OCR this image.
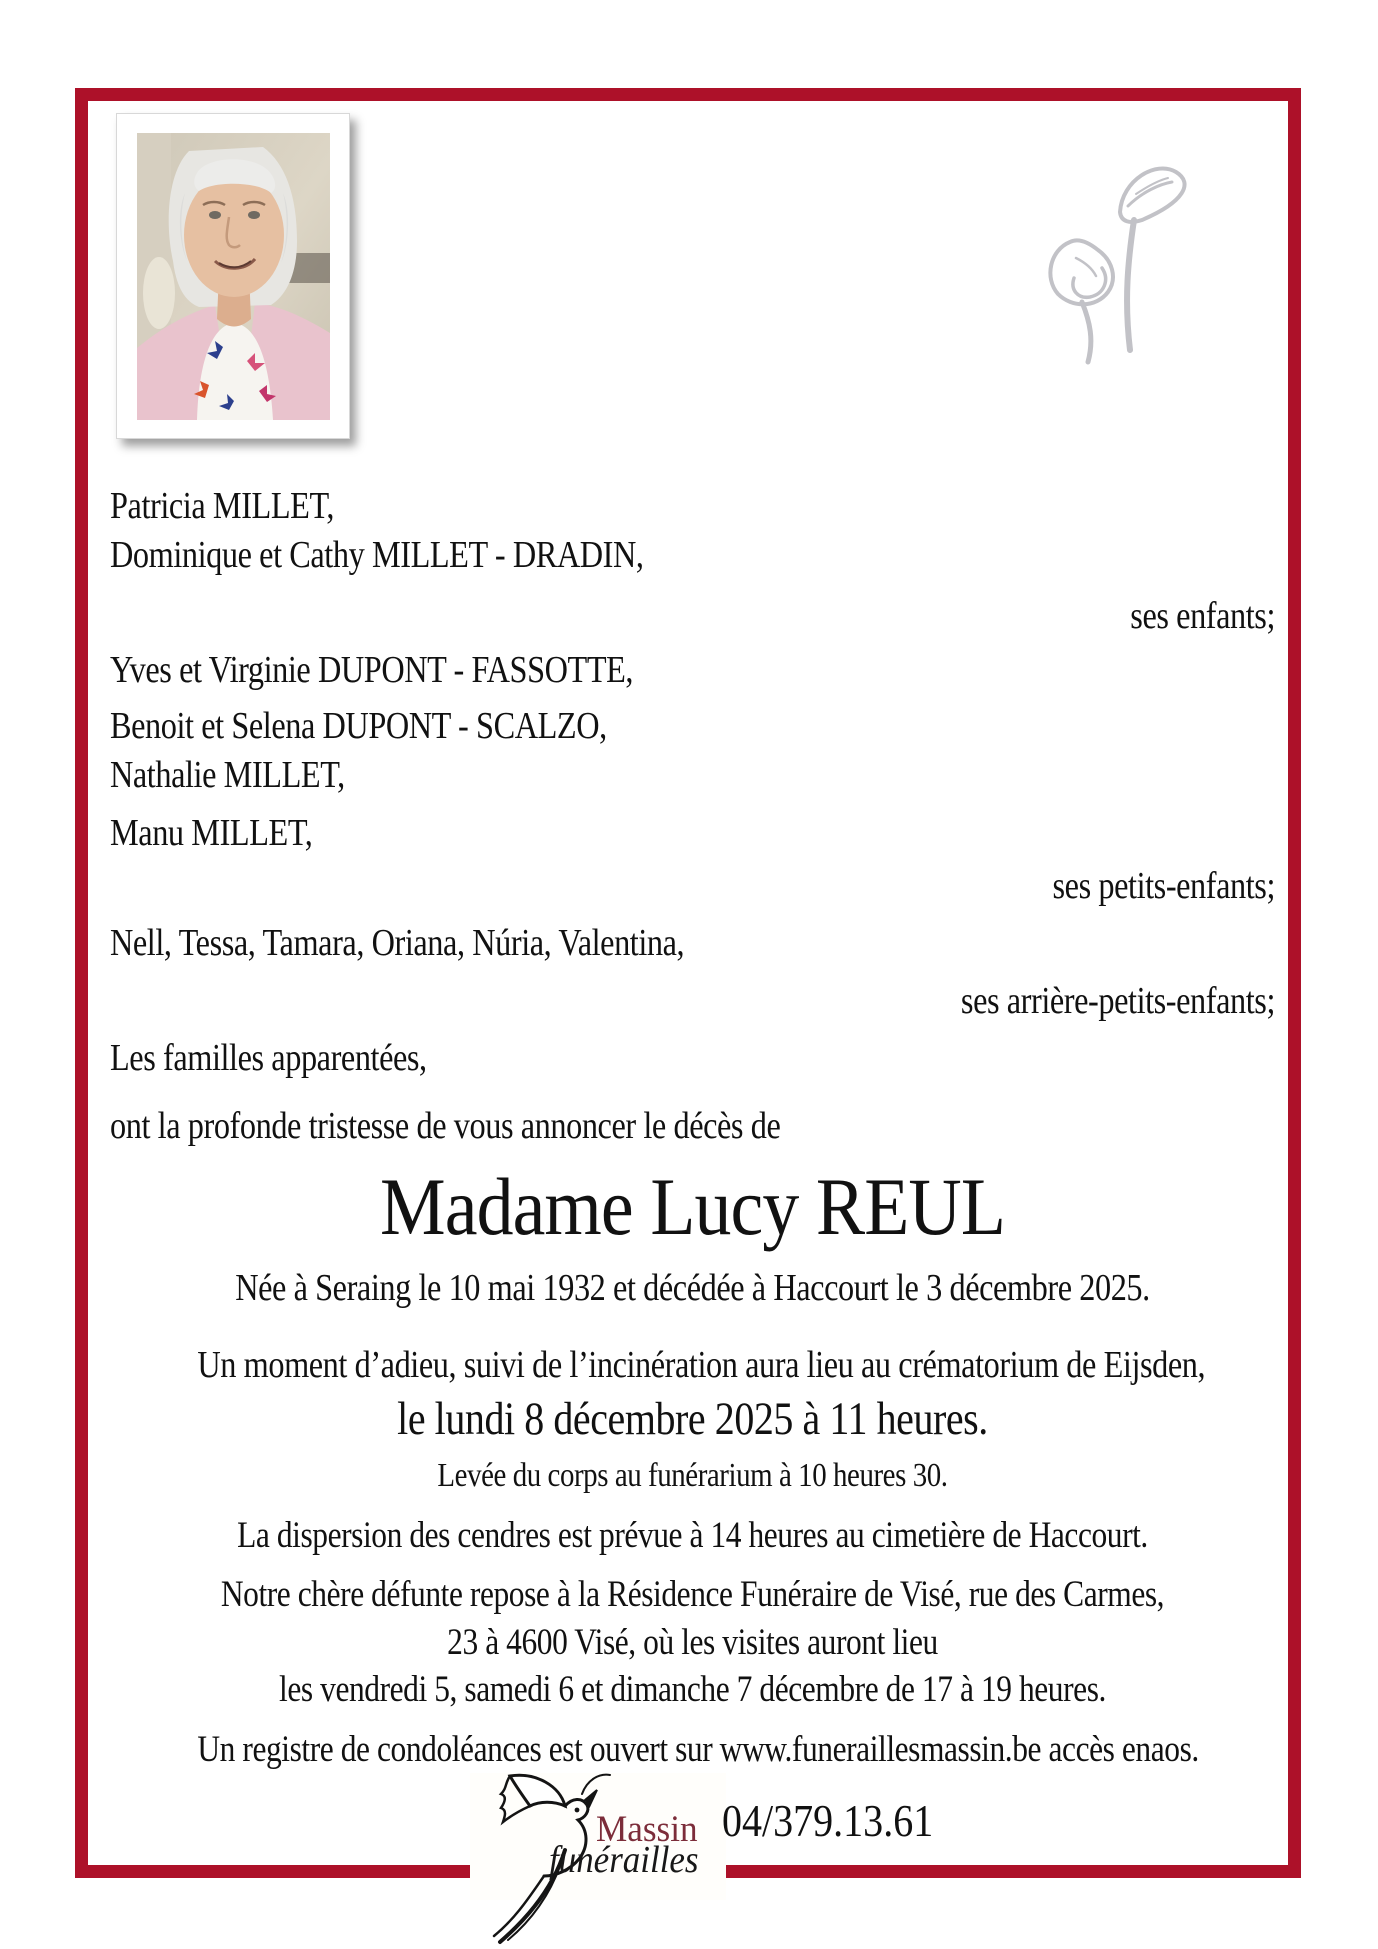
Patricia MILLET,
Dominique et Cathy MILLET - DRADIN,
ses enfants;
Yves et Virginie DUPONT - FASSOTTE,
Benoit et Selena DUPONT - SCALZO,
Nathalie MILLET,
Manu MILLET,
ses petits-enfants;
Nell, Tessa, Tamara, Oriana, Núria, Valentina,
ses arrière-petits-enfants;
Les familles apparentées,
ont la profonde tristesse de vous annoncer le décès de
Madame Lucy REUL
Née à Seraing le 10 mai 1932 et décédée à Haccourt le 3 décembre 2025.
Un moment d’adieu, suivi de l’incinération aura lieu au crématorium de Eijsden,
le lundi 8 décembre 2025 à 11 heures.
Levée du corps au funérarium à 10 heures 30.
La dispersion des cendres est prévue à 14 heures au cimetière de Haccourt.
Notre chère défunte repose à la Résidence Funéraire de Visé, rue des Carmes,
23 à 4600 Visé, où les visites auront lieu
les vendredi 5, samedi 6 et dimanche 7 décembre de 17 à 19 heures.
Un registre de condoléances est ouvert sur www.funeraillesmassin.be accès enaos.
Massin
funérailles
04/379.13.61
